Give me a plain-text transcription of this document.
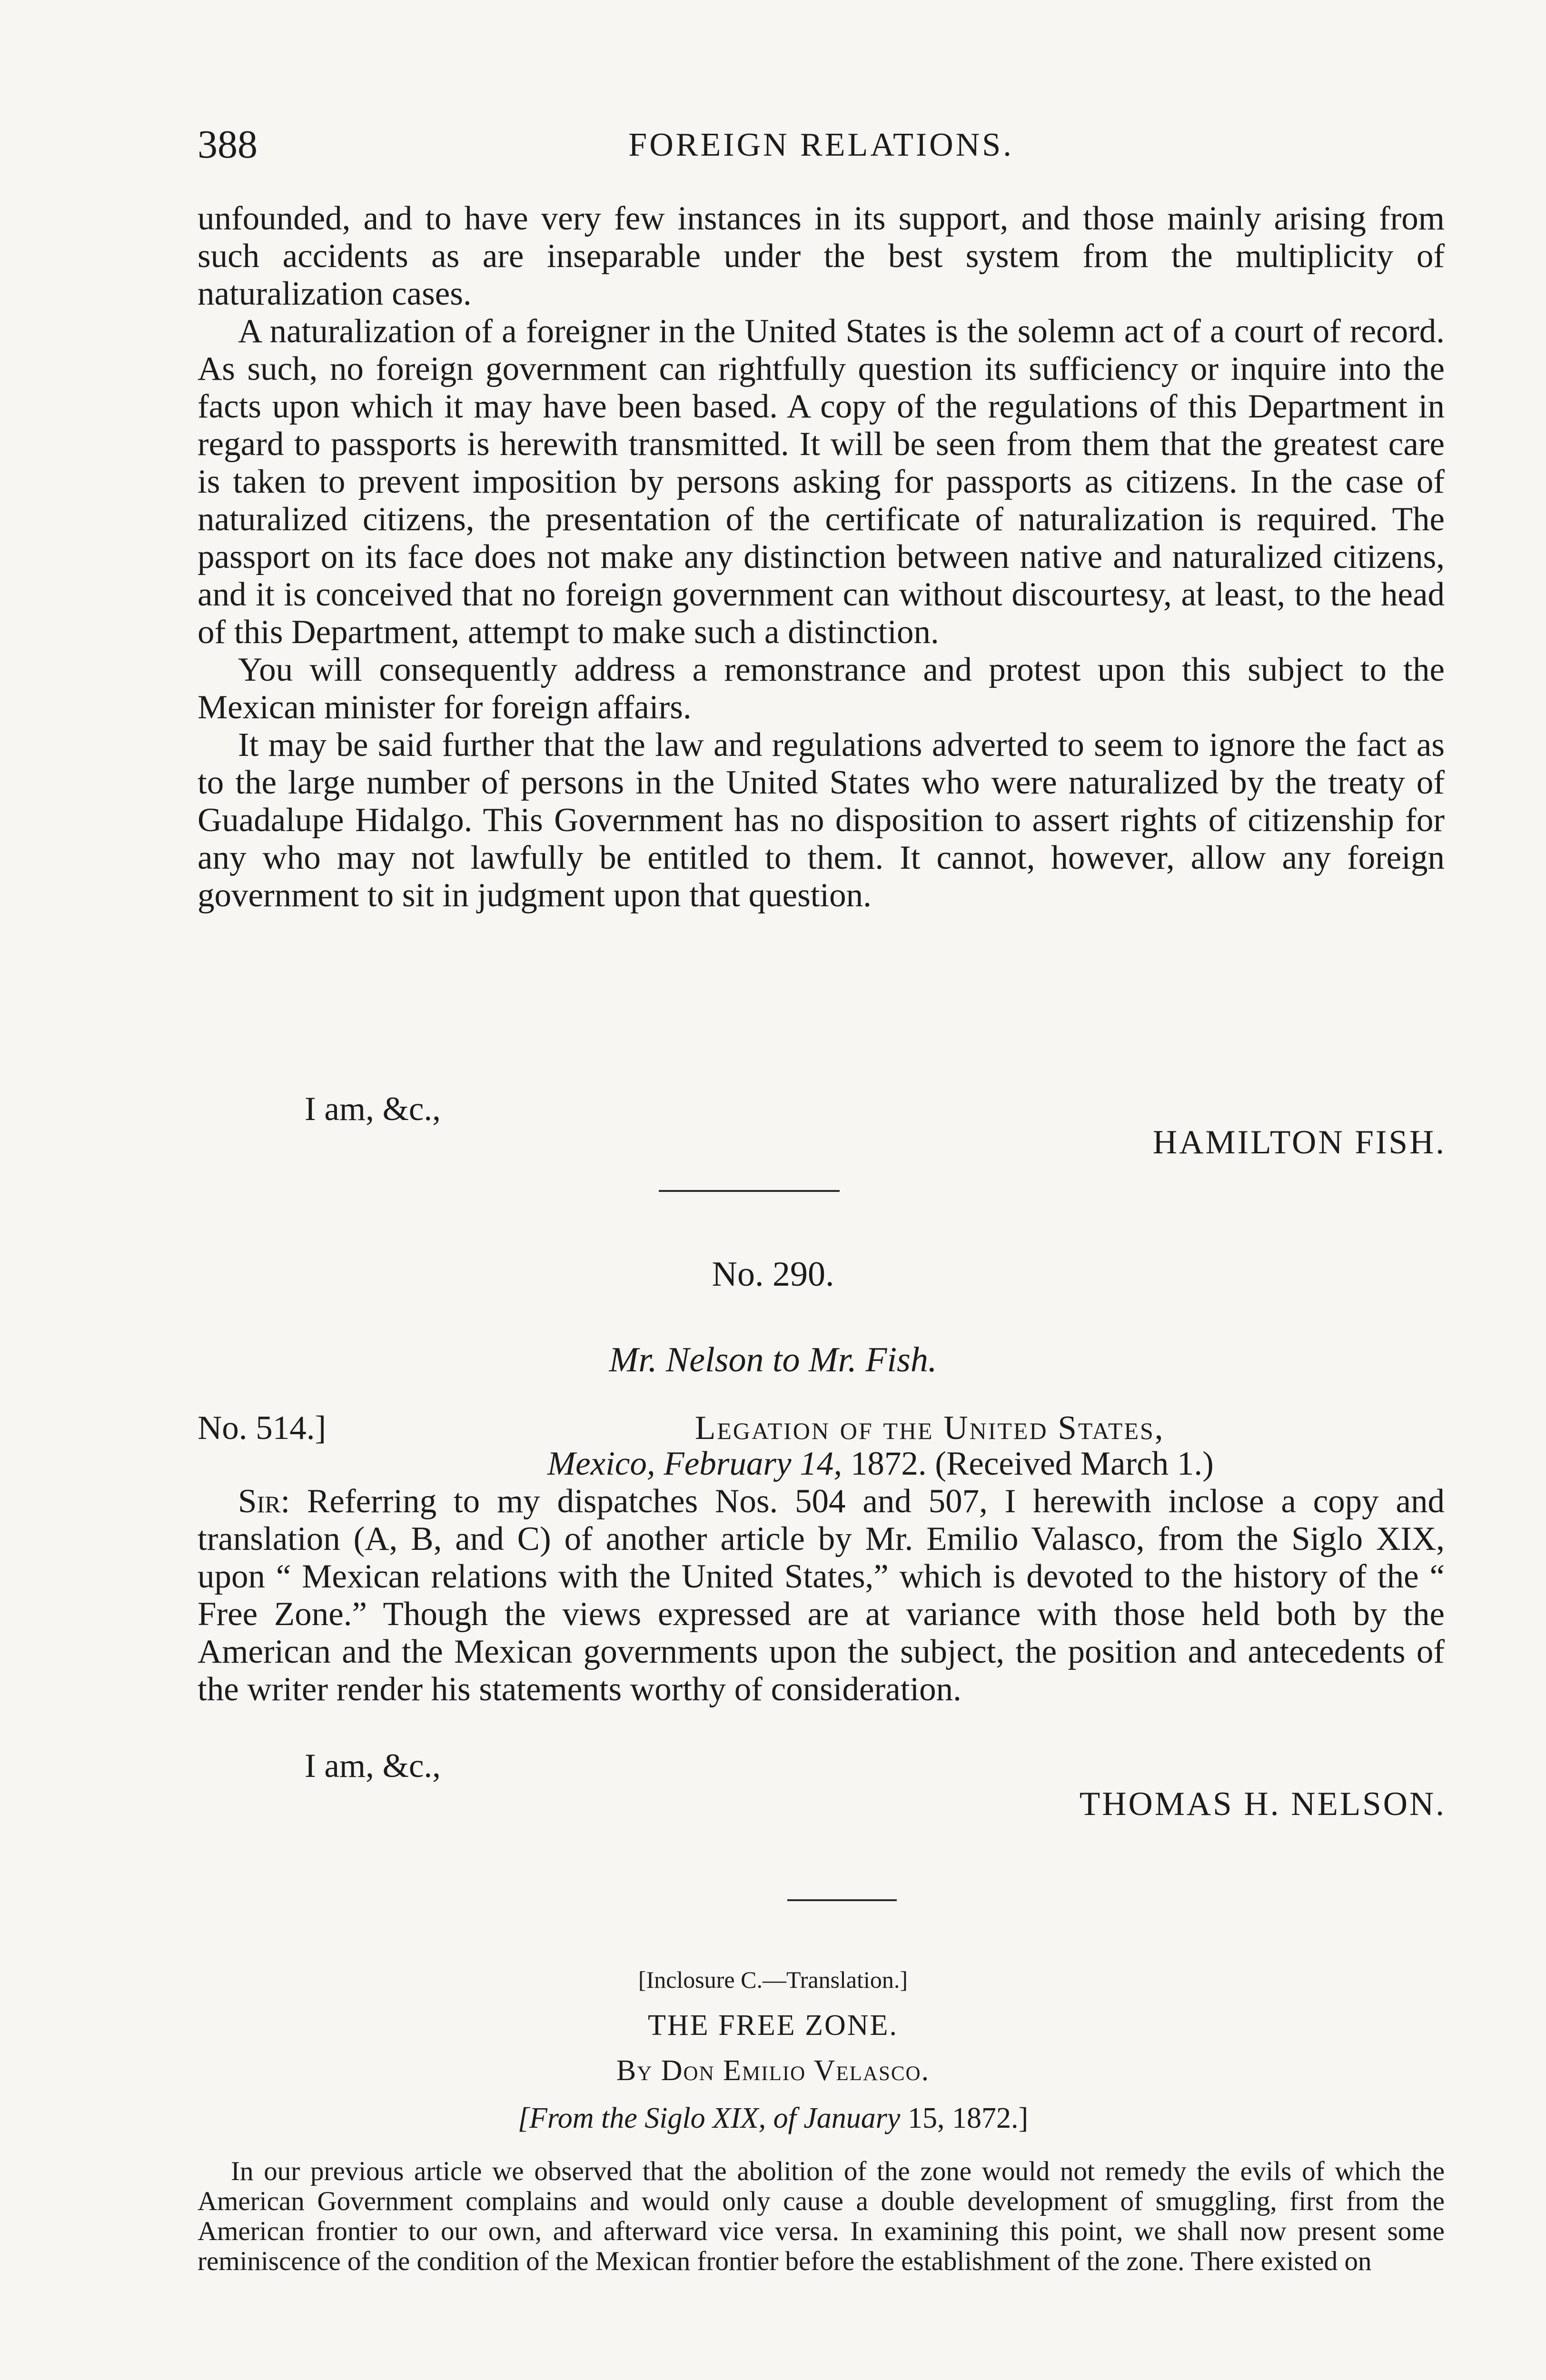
388	FOREIGN RELATIONS.

unfounded, and to have very few instances in its support, and those mainly arising from such accidents as are inseparable under the best system from the multiplicity of naturalization cases.

A naturalization of a foreigner in the United States is the solemn act of a court of record. As such, no foreign government can rightfully question its sufficiency or inquire into the facts upon which it may have been based. A copy of the regulations of this Department in regard to passports is herewith transmitted. It will be seen from them that the greatest care is taken to prevent imposition by persons asking for passports as citizens. In the case of naturalized citizens, the presentation of the certificate of naturalization is required. The passport on its face does not make any distinction between native and naturalized citizens, and it is conceived that no foreign government can without discourtesy, at least, to the head of this Department, attempt to make such a distinction.

You will consequently address a remonstrance and protest upon this subject to the Mexican minister for foreign affairs.

It may be said further that the law and regulations adverted to seem to ignore the fact as to the large number of persons in the United States who were naturalized by the treaty of Guadalupe Hidalgo. This Government has no disposition to assert rights of citizenship for any who may not lawfully be entitled to them. It cannot, however, allow any foreign government to sit in judgment upon that question.

I am, &c.,
HAMILTON FISH.
No. 290.
Mr. Nelson to Mr. Fish.
No. 514.]	Legation of the United States,
Mexico, February 14, 1872. (Received March 1.)

Sir: Referring to my dispatches Nos. 504 and 507, I herewith inclose a copy and translation (A, B, and C) of another article by Mr. Emilio Valasco, from the Siglo XIX, upon “ Mexican relations with the United States,” which is devoted to the history of the “ Free Zone.” Though the views expressed are at variance with those held both by the American and the Mexican governments upon the subject, the position and antecedents of the writer render his statements worthy of consideration.

I am, &c.,
THOMAS H. NELSON.
[Inclosure C.—Translation.]
THE FREE ZONE.
By Don Emilio Velasco.
[From the Siglo XIX, of January 15, 1872.]

In our previous article we observed that the abolition of the zone would not remedy the evils of which the American Government complains and would only cause a double development of smuggling, first from the American frontier to our own, and afterward vice versa. In examining this point, we shall now present some reminiscence of the condition of the Mexican frontier before the establishment of the zone. There existed on
